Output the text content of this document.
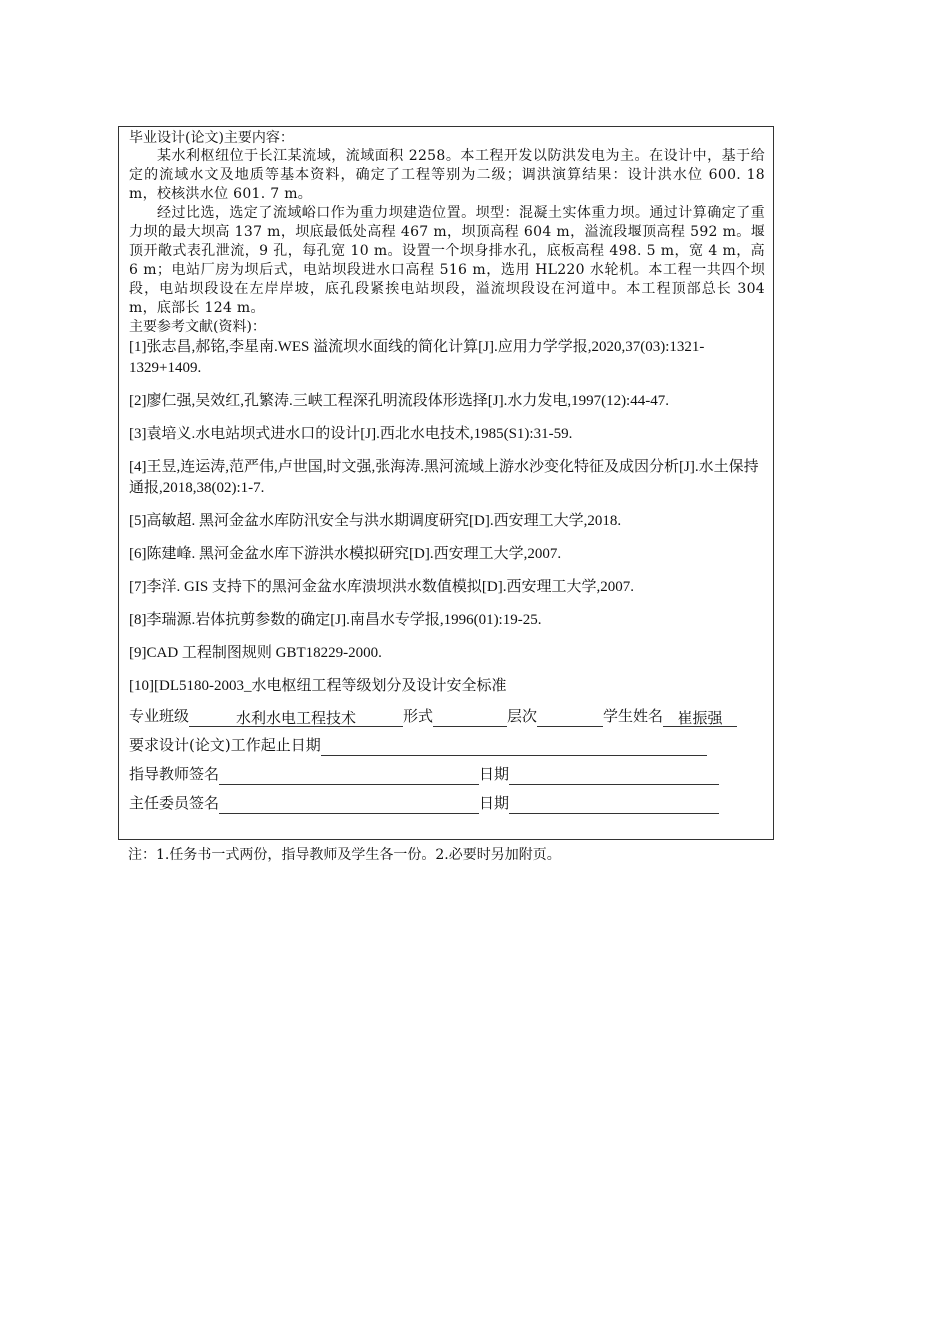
毕业设计(论文)主要内容：
某水利枢纽位于长江某流域，流域面积 2258。本工程开发以防洪发电为主。在设计中，基于给定的流域水文及地质等基本资料，确定了工程等别为二级；调洪演算结果：设计洪水位 600. 18 m，校核洪水位 601. 7 m。
经过比选，选定了流域峪口作为重力坝建造位置。坝型：混凝土实体重力坝。通过计算确定了重力坝的最大坝高 137 m，坝底最低处高程 467 m，坝顶高程 604 m，溢流段堰顶高程 592 m。堰顶开敞式表孔泄流，9 孔，每孔宽 10 m。设置一个坝身排水孔，底板高程 498. 5 m，宽 4 m，高 6 m；电站厂房为坝后式，电站坝段进水口高程 516 m，选用 HL220 水轮机。本工程一共四个坝段，电站坝段设在左岸岸坡，底孔段紧挨电站坝段，溢流坝段设在河道中。本工程顶部总长 304 m，底部长 124 m。
主要参考文献(资料)：
[1]张志昌,郝铭,李星南.WES 溢流坝水面线的简化计算[J].应用力学学报,2020,37(03):1321-1329+1409.
[2]廖仁强,吴效红,孔繁涛.三峡工程深孔明流段体形选择[J].水力发电,1997(12):44-47.
[3]袁培义.水电站坝式进水口的设计[J].西北水电技术,1985(S1):31-59.
[4]王昱,连运涛,范严伟,卢世国,时文强,张海涛.黑河流域上游水沙变化特征及成因分析[J].水土保持通报,2018,38(02):1-7.
[5]高敏超. 黑河金盆水库防汛安全与洪水期调度研究[D].西安理工大学,2018.
[6]陈建峰. 黑河金盆水库下游洪水模拟研究[D].西安理工大学,2007.
[7]李洋. GIS 支持下的黑河金盆水库溃坝洪水数值模拟[D].西安理工大学,2007.
[8]李瑞源.岩体抗剪参数的确定[J].南昌水专学报,1996(01):19-25.
[9]CAD 工程制图规则 GBT18229-2000.
[10][DL5180-2003_水电枢纽工程等级划分及设计安全标准
专业班级	水利水电工程技术	形式	层次	学生姓名 崔振强
要求设计(论文)工作起止日期
指导教师签名	日期
主任委员签名	日期
注：1.任务书一式两份，指导教师及学生各一份。2.必要时另加附页。
